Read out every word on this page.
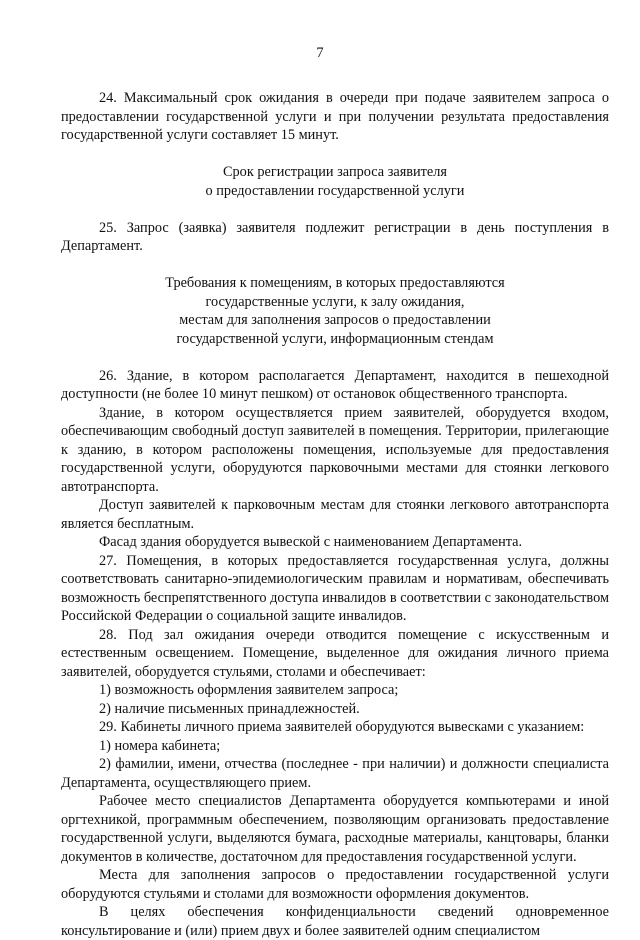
7

24. Максимальный срок ожидания в очереди при подаче заявителем запроса о предоставлении государственной услуги и при получении результата предоставления государственной услуги составляет 15 минут.

Срок регистрации запроса заявителя
о предоставлении государственной услуги

25. Запрос (заявка) заявителя подлежит регистрации в день поступления в Департамент.

Требования к помещениям, в которых предоставляются
государственные услуги, к залу ожидания,
местам для заполнения запросов о предоставлении
государственной услуги, информационным стендам

26. Здание, в котором располагается Департамент, находится в пешеходной доступности (не более 10 минут пешком) от остановок общественного транспорта.

Здание, в котором осуществляется прием заявителей, оборудуется входом, обеспечивающим свободный доступ заявителей в помещения. Территории, прилегающие к зданию, в котором расположены помещения, используемые для предоставления государственной услуги, оборудуются парковочными местами для стоянки легкового автотранспорта.

Доступ заявителей к парковочным местам для стоянки легкового автотранспорта является бесплатным.

Фасад здания оборудуется вывеской с наименованием Департамента.

27. Помещения, в которых предоставляется государственная услуга, должны соответствовать санитарно-эпидемиологическим правилам и нормативам, обеспечивать возможность беспрепятственного доступа инвалидов в соответствии с законодательством Российской Федерации о социальной защите инвалидов.

28. Под зал ожидания очереди отводится помещение с искусственным и естественным освещением. Помещение, выделенное для ожидания личного приема заявителей, оборудуется стульями, столами и обеспечивает:

1) возможность оформления заявителем запроса;

2) наличие письменных принадлежностей.

29. Кабинеты личного приема заявителей оборудуются вывесками с указанием:

1) номера кабинета;

2) фамилии, имени, отчества (последнее - при наличии) и должности специалиста Департамента, осуществляющего прием.

Рабочее место специалистов Департамента оборудуется компьютерами и иной оргтехникой, программным обеспечением, позволяющим организовать предоставление государственной услуги, выделяются бумага, расходные материалы, канцтовары, бланки документов в количестве, достаточном для предоставления государственной услуги.

Места для заполнения запросов о предоставлении государственной услуги оборудуются стульями и столами для возможности оформления документов.

В целях обеспечения конфиденциальности сведений одновременное консультирование и (или) прием двух и более заявителей одним специалистом
